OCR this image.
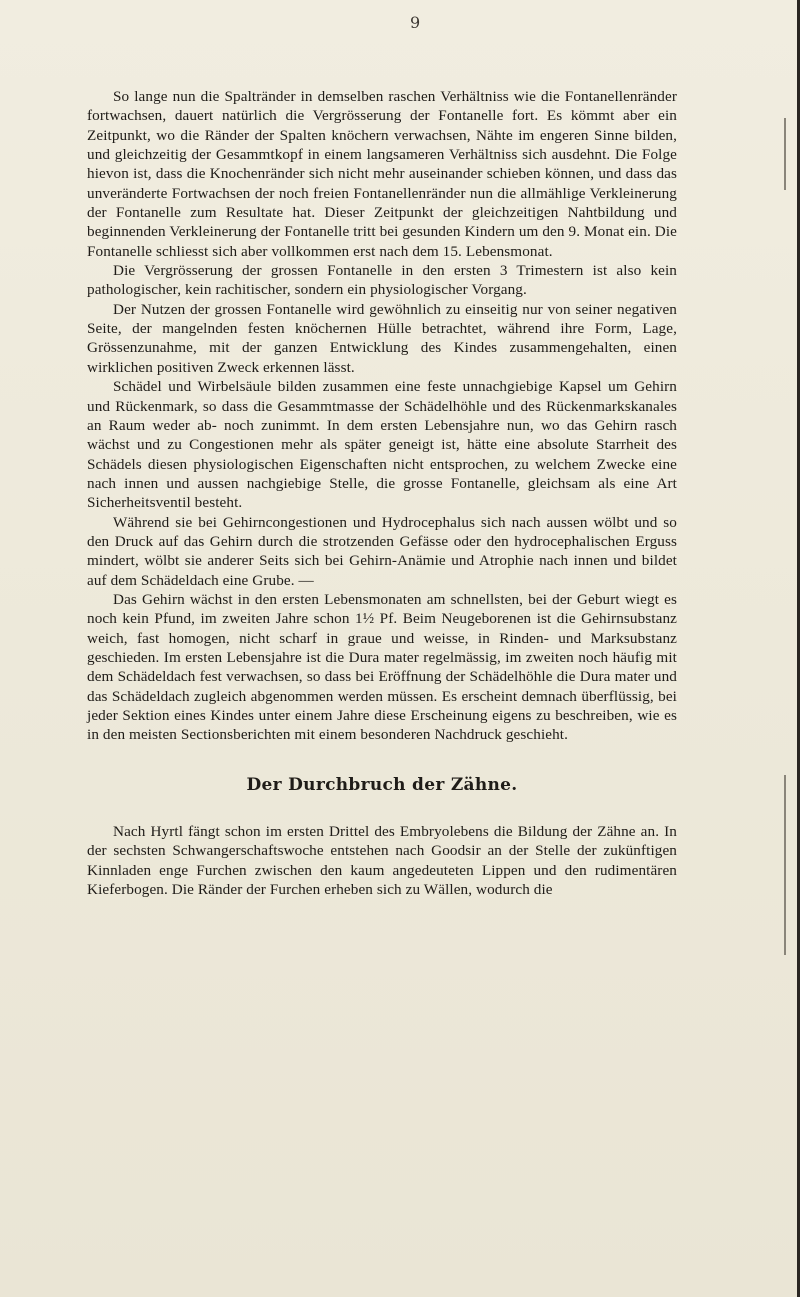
9

So lange nun die Spaltränder in demselben raschen Verhältniss wie die Fontanellenränder fortwachsen, dauert natürlich die Vergrösserung der Fontanelle fort. Es kömmt aber ein Zeitpunkt, wo die Ränder der Spalten knöchern verwachsen, Nähte im engeren Sinne bilden, und gleichzeitig der Gesammtkopf in einem langsameren Verhältniss sich ausdehnt. Die Folge hievon ist, dass die Knochenränder sich nicht mehr auseinander schieben können, und dass das unveränderte Fortwachsen der noch freien Fontanellenränder nun die allmählige Verkleinerung der Fontanelle zum Resultate hat. Dieser Zeitpunkt der gleichzeitigen Nahtbildung und beginnenden Verkleinerung der Fontanelle tritt bei gesunden Kindern um den 9. Monat ein. Die Fontanelle schliesst sich aber vollkommen erst nach dem 15. Lebensmonat.

Die Vergrösserung der grossen Fontanelle in den ersten 3 Trimestern ist also kein pathologischer, kein rachitischer, sondern ein physiologischer Vorgang.

Der Nutzen der grossen Fontanelle wird gewöhnlich zu einseitig nur von seiner negativen Seite, der mangelnden festen knöchernen Hülle betrachtet, während ihre Form, Lage, Grössenzunahme, mit der ganzen Entwicklung des Kindes zusammengehalten, einen wirklichen positiven Zweck erkennen lässt.

Schädel und Wirbelsäule bilden zusammen eine feste unnachgiebige Kapsel um Gehirn und Rückenmark, so dass die Gesammtmasse der Schädelhöhle und des Rückenmarkskanales an Raum weder ab- noch zunimmt. In dem ersten Lebensjahre nun, wo das Gehirn rasch wächst und zu Congestionen mehr als später geneigt ist, hätte eine absolute Starrheit des Schädels diesen physiologischen Eigenschaften nicht entsprochen, zu welchem Zwecke eine nach innen und aussen nachgiebige Stelle, die grosse Fontanelle, gleichsam als eine Art Sicherheitsventil besteht.

Während sie bei Gehirncongestionen und Hydrocephalus sich nach aussen wölbt und so den Druck auf das Gehirn durch die strotzenden Gefässe oder den hydrocephalischen Erguss mindert, wölbt sie anderer Seits sich bei Gehirn-Anämie und Atrophie nach innen und bildet auf dem Schädeldach eine Grube. —

Das Gehirn wächst in den ersten Lebensmonaten am schnellsten, bei der Geburt wiegt es noch kein Pfund, im zweiten Jahre schon 1½ Pf. Beim Neugeborenen ist die Gehirnsubstanz weich, fast homogen, nicht scharf in graue und weisse, in Rinden- und Marksubstanz geschieden. Im ersten Lebensjahre ist die Dura mater regelmässig, im zweiten noch häufig mit dem Schädeldach fest verwachsen, so dass bei Eröffnung der Schädelhöhle die Dura mater und das Schädeldach zugleich abgenommen werden müssen. Es erscheint demnach überflüssig, bei jeder Sektion eines Kindes unter einem Jahre diese Erscheinung eigens zu beschreiben, wie es in den meisten Sectionsberichten mit einem besonderen Nachdruck geschieht.

Der Durchbruch der Zähne.

Nach Hyrtl fängt schon im ersten Drittel des Embryolebens die Bildung der Zähne an. In der sechsten Schwangerschaftswoche entstehen nach Goodsir an der Stelle der zukünftigen Kinnladen enge Furchen zwischen den kaum angedeuteten Lippen und den rudimentären Kieferbogen. Die Ränder der Furchen erheben sich zu Wällen, wodurch die
